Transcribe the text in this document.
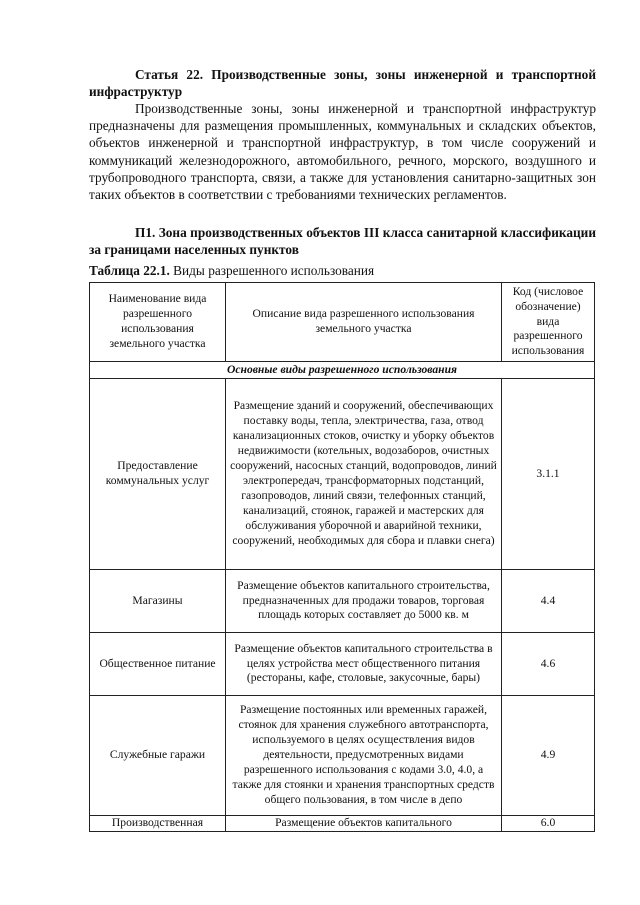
Статья 22. Производственные зоны, зоны инженерной и транспортной инфраструктур
Производственные зоны, зоны инженерной и транспортной инфраструктур предназначены для размещения промышленных, коммунальных и складских объектов, объектов инженерной и транспортной инфраструктур, в том числе сооружений и коммуникаций железнодорожного, автомобильного, речного, морского, воздушного и трубопроводного транспорта, связи, а также для установления санитарно-защитных зон таких объектов в соответствии с требованиями технических регламентов.
П1. Зона производственных объектов III класса санитарной классификации за границами населенных пунктов
Таблица 22.1. Виды разрешенного использования
Наименование вида разрешенного использования земельного участка	Описание вида разрешенного использования земельного участка	Код (числовое обозначение) вида разрешенного использования
Основные виды разрешенного использования		
Предоставление коммунальных услуг	Размещение зданий и сооружений, обеспечивающих поставку воды, тепла, электричества, газа, отвод канализационных стоков, очистку и уборку объектов недвижимости (котельных, водозаборов, очистных сооружений, насосных станций, водопроводов, линий электропередач, трансформаторных подстанций, газопроводов, линий связи, телефонных станций, канализаций, стоянок, гаражей и мастерских для обслуживания уборочной и аварийной техники, сооружений, необходимых для сбора и плавки снега)	3.1.1
Магазины	Размещение объектов капитального строительства, предназначенных для продажи товаров, торговая площадь которых составляет до 5000 кв. м	4.4
Общественное питание	Размещение объектов капитального строительства в целях устройства мест общественного питания (рестораны, кафе, столовые, закусочные, бары)	4.6
Служебные гаражи	Размещение постоянных или временных гаражей, стоянок для хранения служебного автотранспорта, используемого в целях осуществления видов деятельности, предусмотренных видами разрешенного использования с кодами 3.0, 4.0, а также для стоянки и хранения транспортных средств общего пользования, в том числе в депо	4.9
Производственная	Размещение объектов капитального	6.0
